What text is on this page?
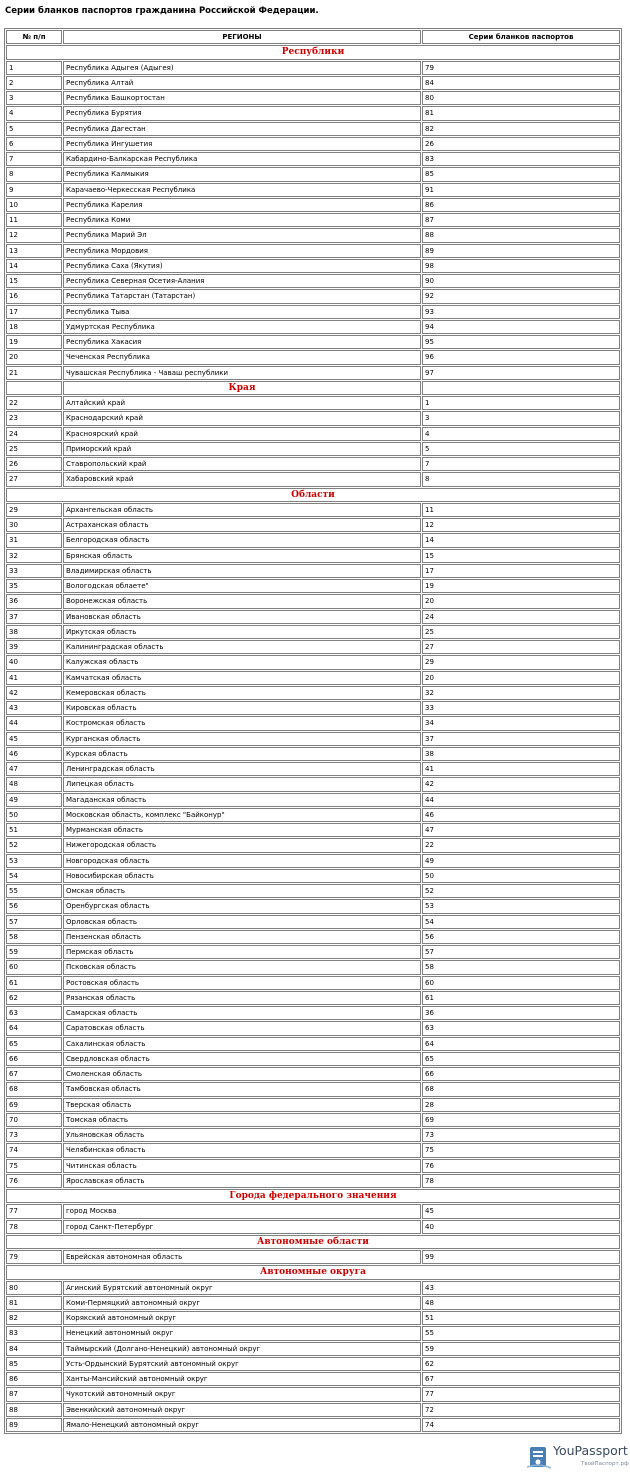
Серии бланков паспортов гражданина Российской Федерации.
№ п/п	РЕГИОНЫ	Серии бланков паспортов
Республики		
1	Республика Адыгея (Адыгея)	79
2	Республика Алтай	84
3	Республика Башкортостан	80
4	Республика Бурятия	81
5	Республика Дагестан	82
6	Республика Ингушетия	26
7	Кабардино-Балкарская Республика	83
8	Республика Калмыкия	85
9	Карачаево-Черкесская Республика	91
10	Республика Карелия	86
11	Республика Коми	87
12	Республика Марий Эл	88
13	Республика Мордовия	89
14	Республика Саха (Якутия)	98
15	Республика Северная Осетия-Алания	90
16	Республика Татарстан (Татарстан)	92
17	Республика Тыва	93
18	Удмуртская Республика	94
19	Республика Хакасия	95
20	Чеченская Республика	96
21	Чувашская Республика - Чаваш республики	97
	Края	
22	Алтайский край	1
23	Краснодарский край	3
24	Красноярский край	4
25	Приморский край	5
26	Ставропольский край	7
27	Хабаровский край	8
Области		
29	Архангельская область	11
30	Астраханская область	12
31	Белгородская область	14
32	Брянская область	15
33	Владимирская область	17
35	Вологодская облаете"	19
36	Воронежская область	20
37	Ивановская область	24
38	Иркутская область	25
39	Калининградская область	27
40	Калужская область	29
41	Камчатская область	20
42	Кемеровская область	32
43	Кировская область	33
44	Костромская область	34
45	Курганская область	37
46	Курская область	38
47	Ленинградская область	41
48	Липецкая область	42
49	Магаданская область	44
50	Московская область, комплекс "Байконур"	46
51	Мурманская область	47
52	Нижегородская область	22
53	Новгородская область	49
54	Новосибирская область	50
55	Омская область	52
56	Оренбургская область	53
57	Орловская область	54
58	Пензенская область	56
59	Пермская область	57
60	Псковская область	58
61	Ростовская область	60
62	Рязанская область	61
63	Самарская область	36
64	Саратовская область	63
65	Сахалинская область	64
66	Свердловская область	65
67	Смоленская область	66
68	Тамбовская область	68
69	Тверская область	28
70	Томская область	69
73	Ульяновская область	73
74	Челябинская область	75
75	Читинская область	76
76	Ярославская область	78
Города федерального значения		
77	город Москва	45
78	город Санкт-Петербург	40
Автономные области		
79	Еврейская автономная область	99
Автономные округа		
80	Агинский Бурятский автономный округ	43
81	Коми-Пермяцкий автономный округ	48
82	Корякский автономный округ	51
83	Ненецкий автономный округ	55
84	Таймырский (Долгано-Ненецкий) автономный округ	59
85	Усть-Ордынский Бурятский автономный округ	62
86	Ханты-Мансийский автономный округ	67
87	Чукотский автономный округ	77
88	Эвенкийский автономный округ	72
89	Ямало-Ненецкий автономный округ	74
YouPassport
ТвойПаспорт.рф
